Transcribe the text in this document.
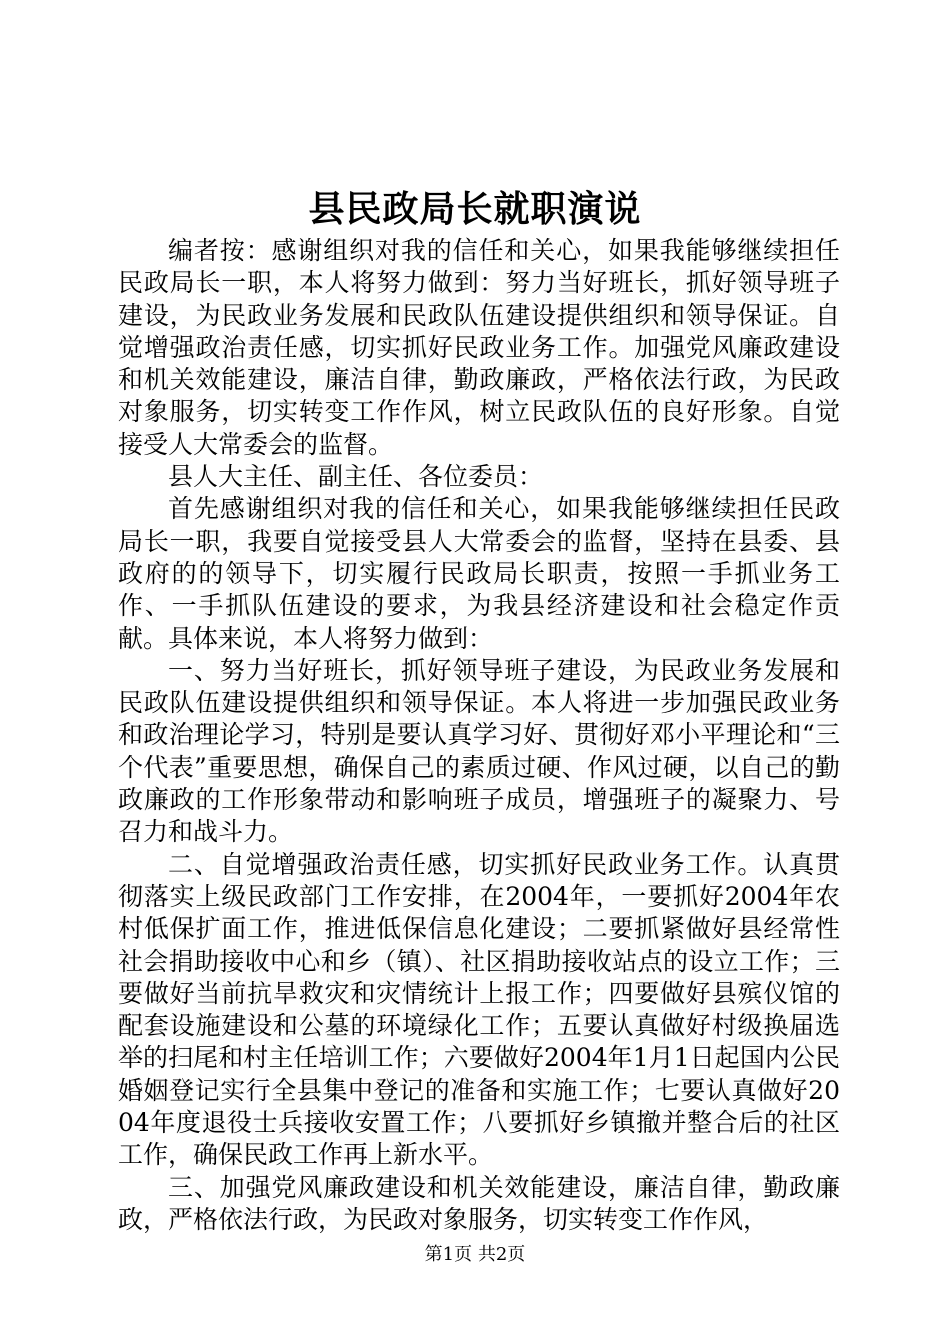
县民政局长就职演说

编者按：感谢组织对我的信任和关心，如果我能够继续担任民政局长一职，本人将努力做到：努力当好班长，抓好领导班子建设，为民政业务发展和民政队伍建设提供组织和领导保证。自觉增强政治责任感，切实抓好民政业务工作。加强党风廉政建设和机关效能建设，廉洁自律，勤政廉政，严格依法行政，为民政对象服务，切实转变工作作风，树立民政队伍的良好形象。自觉接受人大常委会的监督。

县人大主任、副主任、各位委员：

首先感谢组织对我的信任和关心，如果我能够继续担任民政局长一职，我要自觉接受县人大常委会的监督，坚持在县委、县政府的的领导下，切实履行民政局长职责，按照一手抓业务工作、一手抓队伍建设的要求，为我县经济建设和社会稳定作贡献。具体来说，本人将努力做到：

一、努力当好班长，抓好领导班子建设，为民政业务发展和民政队伍建设提供组织和领导保证。本人将进一步加强民政业务和政治理论学习，特别是要认真学习好、贯彻好邓小平理论和“三个代表”重要思想，确保自己的素质过硬、作风过硬，以自己的勤政廉政的工作形象带动和影响班子成员，增强班子的凝聚力、号召力和战斗力。

二、自觉增强政治责任感，切实抓好民政业务工作。认真贯彻落实上级民政部门工作安排，在2004年，一要抓好2004年农村低保扩面工作，推进低保信息化建设；二要抓紧做好县经常性社会捐助接收中心和乡（镇）、社区捐助接收站点的设立工作；三要做好当前抗旱救灾和灾情统计上报工作；四要做好县殡仪馆的配套设施建设和公墓的环境绿化工作；五要认真做好村级换届选举的扫尾和村主任培训工作；六要做好2004年1月1日起国内公民婚姻登记实行全县集中登记的准备和实施工作；七要认真做好2004年度退役士兵接收安置工作；八要抓好乡镇撤并整合后的社区工作，确保民政工作再上新水平。

三、加强党风廉政建设和机关效能建设，廉洁自律，勤政廉政，严格依法行政，为民政对象服务，切实转变工作作风，

第1页 共2页
